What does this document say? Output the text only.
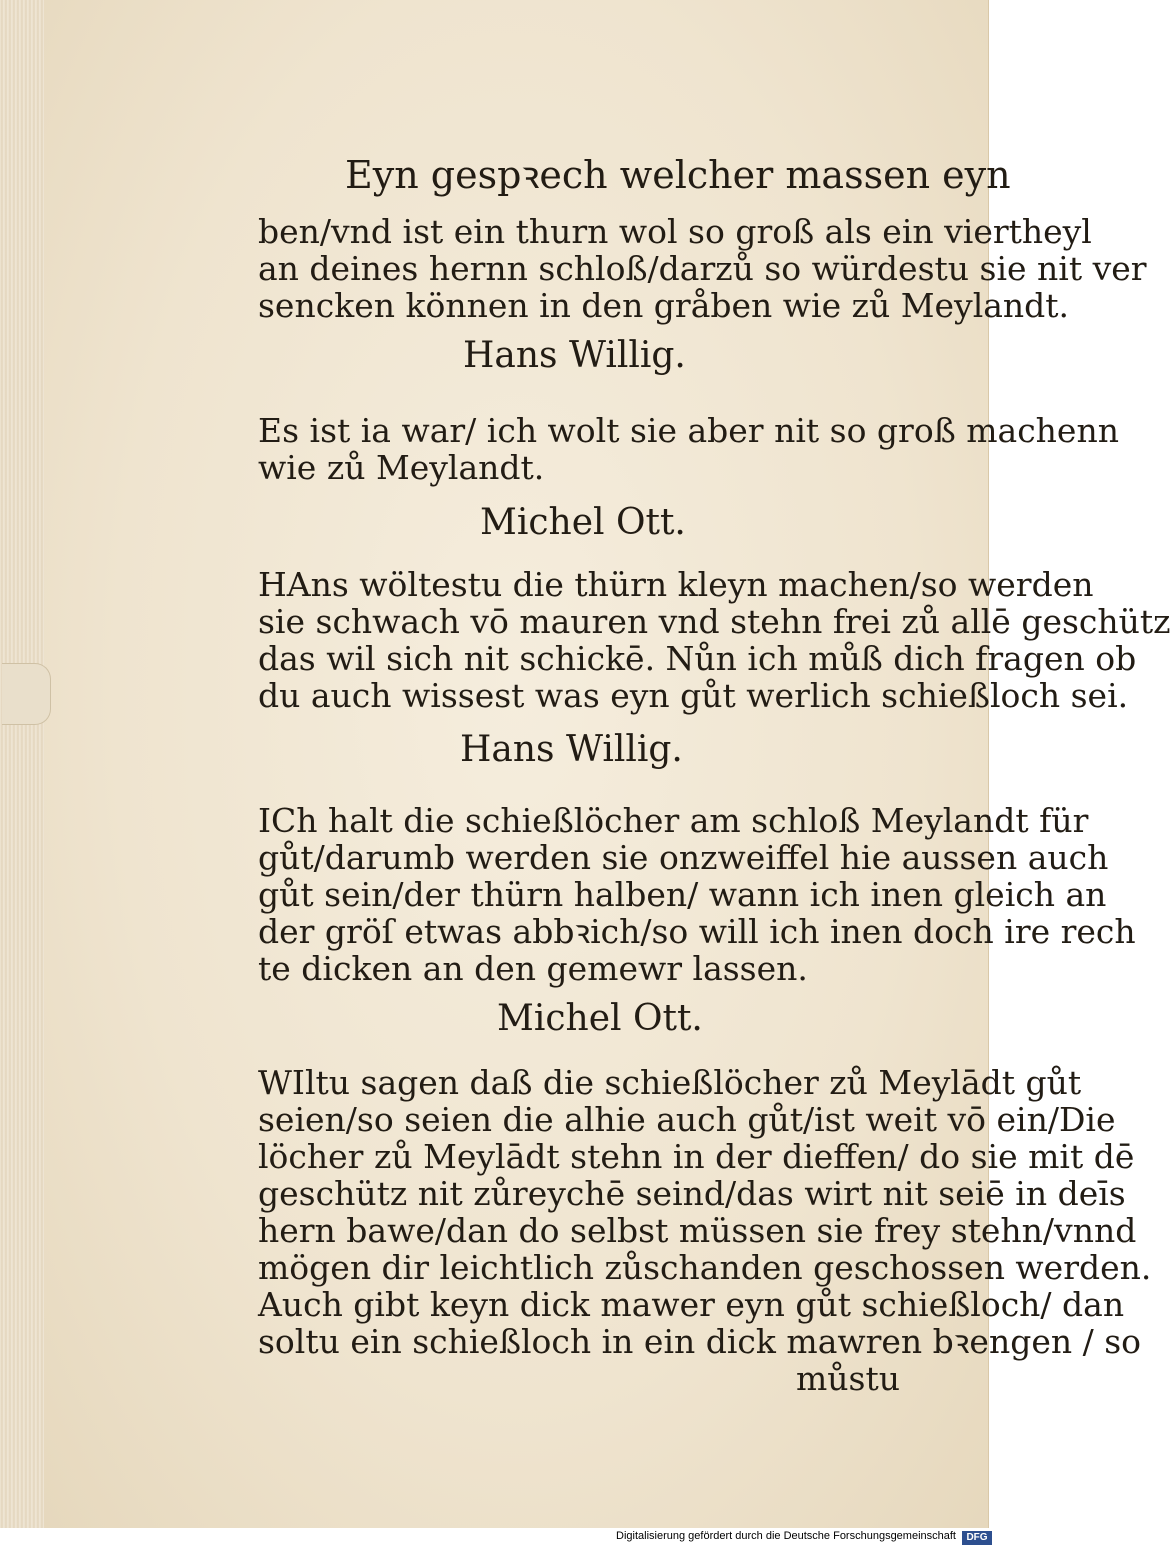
Eyn gespꝛech welcher massen eyn
ben/vnd ist ein thurn wol so groß als ein viertheyl
an deines hernn schloß/darzů so würdestu sie nit ver
sencken können in den gråben wie zů Meylandt.
Hans Willig.
Es ist ia war/ ich wolt sie aber nit so groß machenn
wie zů Meylandt.
Michel Ott.
HAns wöltestu die thürn kleyn machen/so werden
sie schwach vō mauren vnd stehn frei zů allē geschütz
das wil sich nit schickē. Nůn ich můß dich fragen ob
du auch wissest was eyn gůt werlich schießloch sei.
Hans Willig.
ICh halt die schießlöcher am schloß Meylandt für
gůt/darumb werden sie onzweiffel hie aussen auch
gůt sein/der thürn halben/ wann ich inen gleich an
der gröſ etwas abbꝛich/so will ich inen doch ire rech
te dicken an den gemewr lassen.
Michel Ott.
WIltu sagen daß die schießlöcher zů Meylādt gůt
seien/so seien die alhie auch gůt/ist weit vō ein/Die
löcher zů Meylādt stehn in der dieffen/ do sie mit dē
geschütz nit zůreychē seind/das wirt nit seiē in deīs
hern bawe/dan do selbst müssen sie frey stehn/vnnd
mögen dir leichtlich zůschanden geschossen werden.
Auch gibt keyn dick mawer eyn gůt schießloch/ dan
soltu ein schießloch in ein dick mawren bꝛengen / so
můstu
Digitalisierung gefördert durch die Deutsche Forschungsgemeinschaft	DFG
